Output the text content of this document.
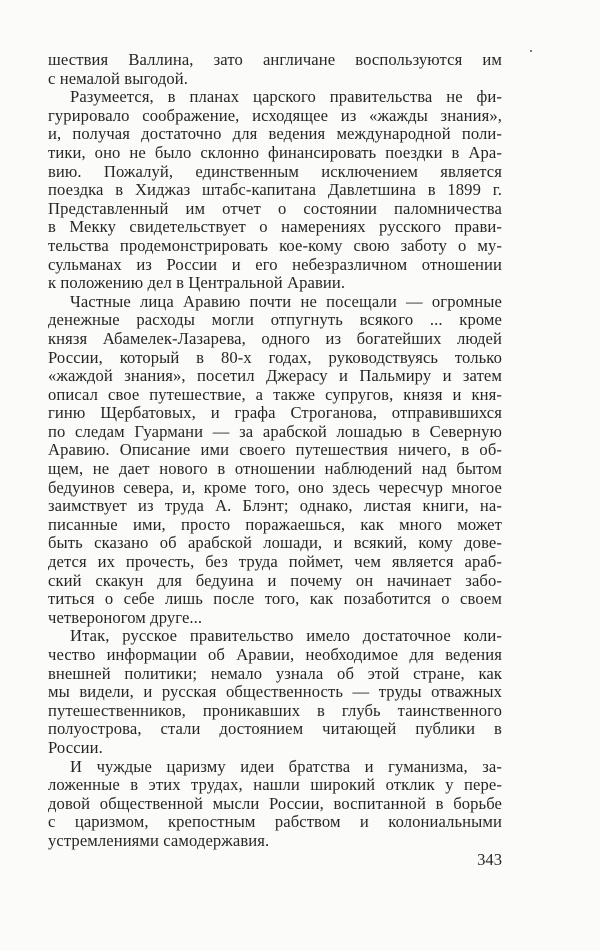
шествия Валлина, зато англичане воспользуются им
с немалой выгодой.
Разумеется, в планах царского правительства не фи-
гурировало соображение, исходящее из «жажды знания»,
и, получая достаточно для ведения международной поли-
тики, оно не было склонно финансировать поездки в Ара-
вию. Пожалуй, единственным исключением является
поездка в Хиджаз штабс-капитана Давлетшина в 1899 г.
Представленный им отчет о состоянии паломничества
в Мекку свидетельствует о намерениях русского прави-
тельства продемонстрировать кое-кому свою заботу о му-
сульманах из России и его небезразличном отношении
к положению дел в Центральной Аравии.
Частные лица Аравию почти не посещали — огромные
денежные расходы могли отпугнуть всякого ... кроме
князя Абамелек-Лазарева, одного из богатейших людей
России, который в 80-х годах, руководствуясь только
«жаждой знания», посетил Джерасу и Пальмиру и затем
описал свое путешествие, а также супругов, князя и кня-
гиню Щербатовых, и графа Строганова, отправившихся
по следам Гуармани — за арабской лошадью в Северную
Аравию. Описание ими своего путешествия ничего, в об-
щем, не дает нового в отношении наблюдений над бытом
бедуинов севера, и, кроме того, оно здесь чересчур многое
заимствует из труда А. Блэнт; однако, листая книги, на-
писанные ими, просто поражаешься, как много может
быть сказано об арабской лошади, и всякий, кому дове-
дется их прочесть, без труда поймет, чем является араб-
ский скакун для бедуина и почему он начинает забо-
титься о себе лишь после того, как позаботится о своем
четвероногом друге...
Итак, русское правительство имело достаточное коли-
чество информации об Аравии, необходимое для ведения
внешней политики; немало узнала об этой стране, как
мы видели, и русская общественность — труды отважных
путешественников, проникавших в глубь таинственного
полуострова, стали достоянием читающей публики в
России.
И чуждые царизму идеи братства и гуманизма, за-
ложенные в этих трудах, нашли широкий отклик у пере-
довой общественной мысли России, воспитанной в борьбе
с царизмом, крепостным рабством и колониальными
устремлениями самодержавия.
343
